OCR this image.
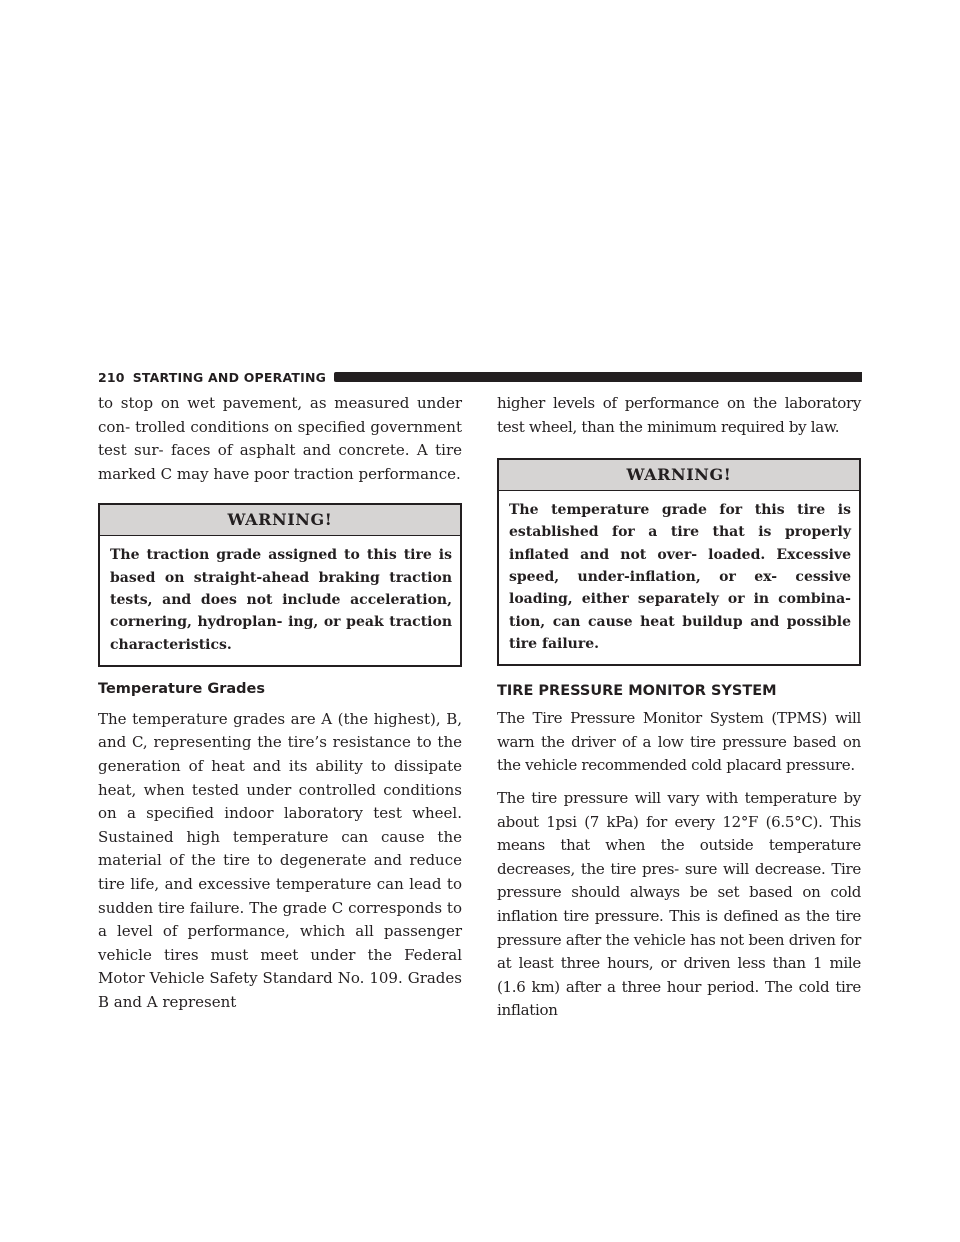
210 STARTING AND OPERATING

to stop on wet pavement, as measured under con- trolled conditions on specified government test sur- faces of asphalt and concrete. A tire marked C may have poor traction performance.

WARNING!

The traction grade assigned to this tire is based on straight-ahead braking traction tests, and does not include acceleration, cornering, hydroplan- ing, or peak traction characteristics.

Temperature Grades

The temperature grades are A (the highest), B, and C, representing the tire’s resistance to the generation of heat and its ability to dissipate heat, when tested under controlled conditions on a specified indoor laboratory test wheel. Sustained high temperature can cause the material of the tire to degenerate and reduce tire life, and excessive temperature can lead to sudden tire failure. The grade C corresponds to a level of performance, which all passenger vehicle tires must meet under the Federal Motor Vehicle Safety Standard No. 109. Grades B and A represent

higher levels of performance on the laboratory test wheel, than the minimum required by law.

WARNING!

The temperature grade for this tire is established for a tire that is properly inflated and not over- loaded. Excessive speed, under-inflation, or ex- cessive loading, either separately or in combina- tion, can cause heat buildup and possible tire failure.

TIRE PRESSURE MONITOR SYSTEM

The Tire Pressure Monitor System (TPMS) will warn the driver of a low tire pressure based on the vehicle recommended cold placard pressure.

The tire pressure will vary with temperature by about 1psi (7 kPa) for every 12°F (6.5°C). This means that when the outside temperature decreases, the tire pres- sure will decrease. Tire pressure should always be set based on cold inflation tire pressure. This is defined as the tire pressure after the vehicle has not been driven for at least three hours, or driven less than 1 mile (1.6 km) after a three hour period. The cold tire inflation
